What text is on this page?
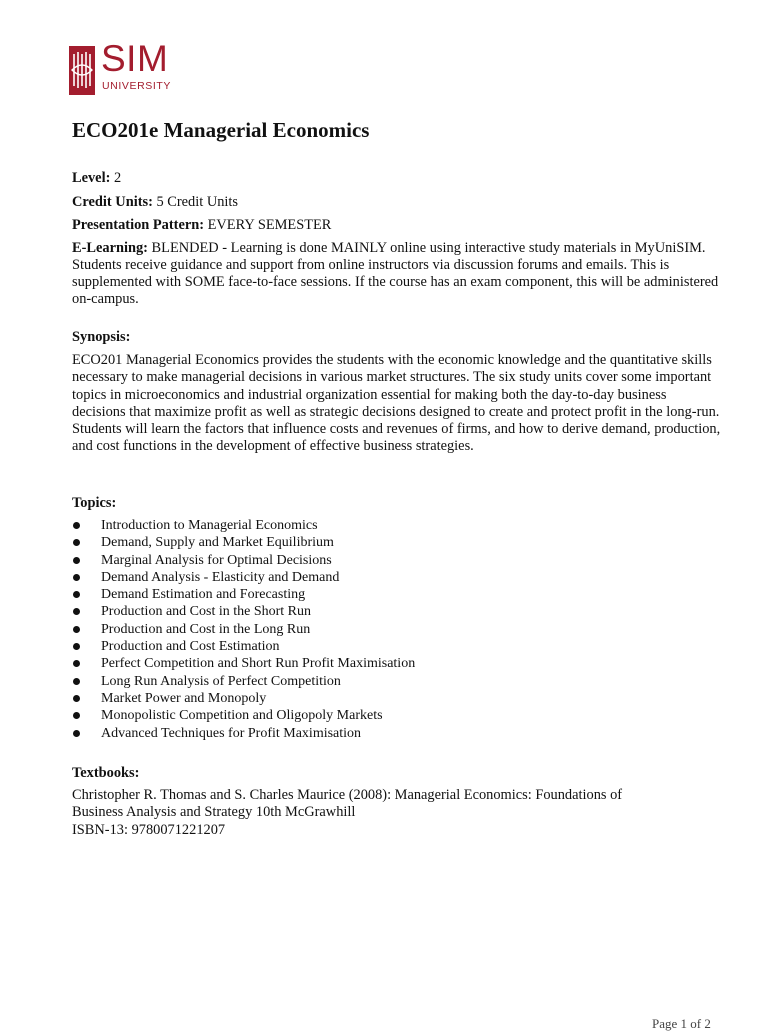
SIM
UNIVERSITY
ECO201e Managerial Economics

Level: 2

Credit Units: 5 Credit Units

Presentation Pattern: EVERY SEMESTER

E-Learning: BLENDED - Learning is done MAINLY online using interactive study materials in MyUniSIM. Students receive guidance and support from online instructors via discussion forums and emails. This is supplemented with SOME face-to-face sessions. If the course has an exam component, this will be administered on-campus.

Synopsis:
ECO201 Managerial Economics provides the students with the economic knowledge and the quantitative skills necessary to make managerial decisions in various market structures. The six study units cover some important topics in microeconomics and industrial organization essential for making both the day-to-day business decisions that maximize profit as well as strategic decisions designed to create and protect profit in the long-run. Students will learn the factors that influence costs and revenues of firms, and how to derive demand, production, and cost functions in the development of effective business strategies.
Topics:
Introduction to Managerial Economics
Demand, Supply and Market Equilibrium
Marginal Analysis for Optimal Decisions
Demand Analysis - Elasticity and Demand
Demand Estimation and Forecasting
Production and Cost in the Short Run
Production and Cost in the Long Run
Production and Cost Estimation
Perfect Competition and Short Run Profit Maximisation
Long Run Analysis of Perfect Competition
Market Power and Monopoly
Monopolistic Competition and Oligopoly Markets
Advanced Techniques for Profit Maximisation
Textbooks:

Christopher R. Thomas and S. Charles Maurice (2008): Managerial Economics: Foundations of

Business Analysis and Strategy 10th McGrawhill

ISBN-13: 9780071221207

Page 1 of 2
